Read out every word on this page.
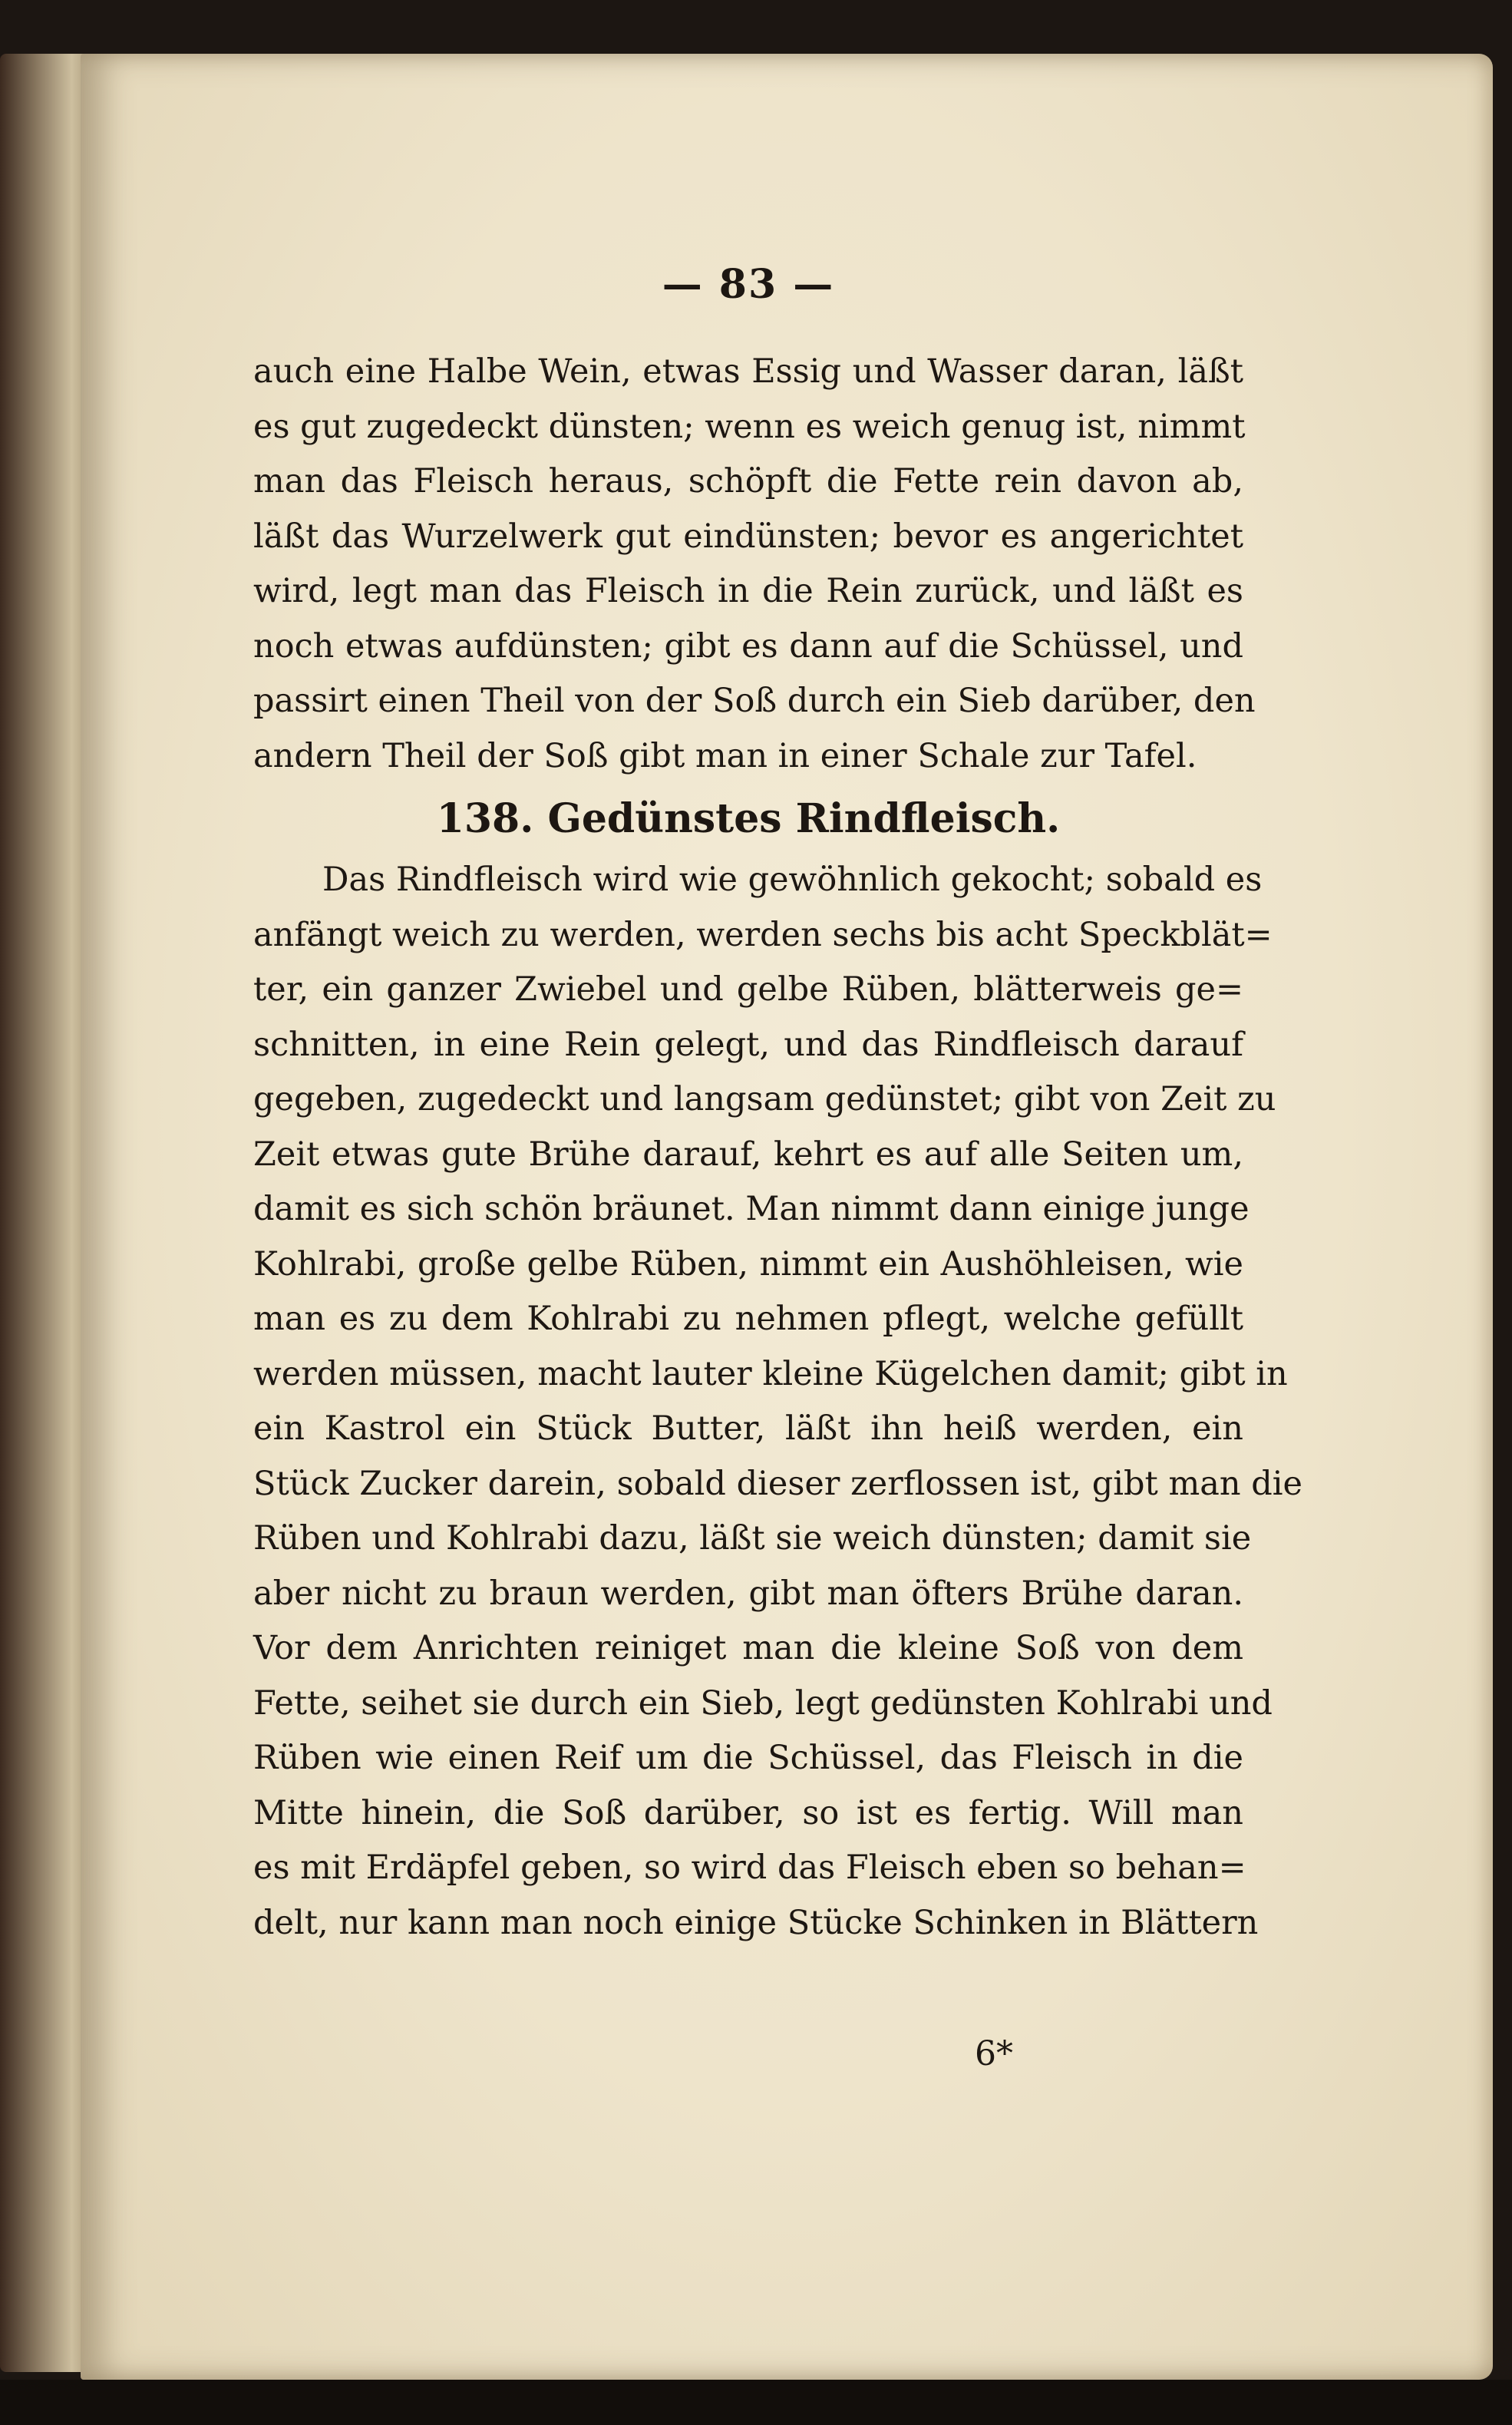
— 83 —
auch eine Halbe Wein, etwas Essig und Wasser daran, läßt
es gut zugedeckt dünsten; wenn es weich genug ist, nimmt
man das Fleisch heraus, schöpft die Fette rein davon ab,
läßt das Wurzelwerk gut eindünsten; bevor es angerichtet
wird, legt man das Fleisch in die Rein zurück, und läßt es
noch etwas aufdünsten; gibt es dann auf die Schüssel, und
passirt einen Theil von der Soß durch ein Sieb darüber, den
andern Theil der Soß gibt man in einer Schale zur Tafel.
138. Gedünstes Rindfleisch.
Das Rindfleisch wird wie gewöhnlich gekocht; sobald es
anfängt weich zu werden, werden sechs bis acht Speckblät=
ter, ein ganzer Zwiebel und gelbe Rüben, blätterweis ge=
schnitten, in eine Rein gelegt, und das Rindfleisch darauf
gegeben, zugedeckt und langsam gedünstet; gibt von Zeit zu
Zeit etwas gute Brühe darauf, kehrt es auf alle Seiten um,
damit es sich schön bräunet. Man nimmt dann einige junge
Kohlrabi, große gelbe Rüben, nimmt ein Aushöhleisen, wie
man es zu dem Kohlrabi zu nehmen pflegt, welche gefüllt
werden müssen, macht lauter kleine Kügelchen damit; gibt in
ein Kastrol ein Stück Butter, läßt ihn heiß werden, ein
Stück Zucker darein, sobald dieser zerflossen ist, gibt man die
Rüben und Kohlrabi dazu, läßt sie weich dünsten; damit sie
aber nicht zu braun werden, gibt man öfters Brühe daran.
Vor dem Anrichten reiniget man die kleine Soß von dem
Fette, seihet sie durch ein Sieb, legt gedünsten Kohlrabi und
Rüben wie einen Reif um die Schüssel, das Fleisch in die
Mitte hinein, die Soß darüber, so ist es fertig. Will man
es mit Erdäpfel geben, so wird das Fleisch eben so behan=
delt, nur kann man noch einige Stücke Schinken in Blättern
6*
